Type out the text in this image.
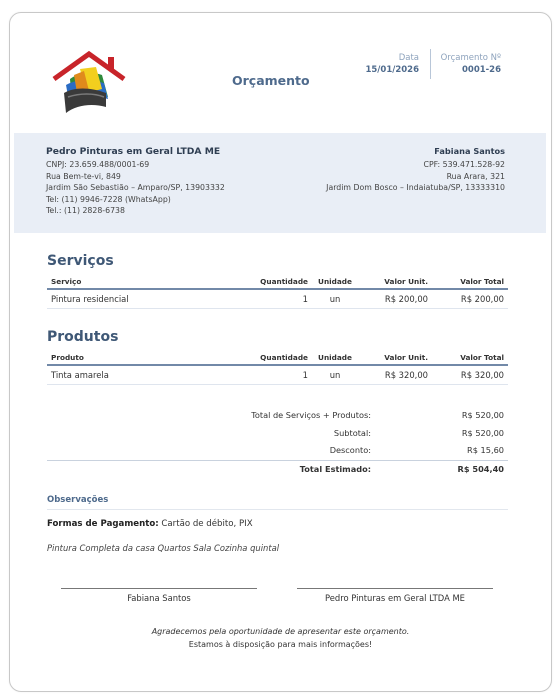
Orçamento
Data
15/01/2026
Orçamento Nº
0001-26
Pedro Pinturas em Geral LTDA ME
CNPJ: 23.659.488/0001-69
Rua Bem-te-vi, 849
Jardim São Sebastião – Amparo/SP, 13903332
Tel: (11) 9946-7228 (WhatsApp)
Tel.: (11) 2828-6738
Fabiana Santos
CPF: 539.471.528-92
Rua Arara, 321
Jardim Dom Bosco – Indaiatuba/SP, 13333310
Serviços
Serviço	Quantidade	Unidade	Valor Unit.	Valor Total
Pintura residencial	1	un	R$ 200,00	R$ 200,00
Produtos
Produto	Quantidade	Unidade	Valor Unit.	Valor Total
Tinta amarela	1	un	R$ 320,00	R$ 320,00
Total de Serviços + Produtos:	R$ 520,00
Subtotal:	R$ 520,00
Desconto:	R$ 15,60
Total Estimado:	R$ 504,40
Observações
Formas de Pagamento: Cartão de débito, PIX
Pintura Completa da casa Quartos Sala Cozinha quintal
Fabiana Santos	Pedro Pinturas em Geral LTDA ME
Agradecemos pela oportunidade de apresentar este orçamento.
Estamos à disposição para mais informações!
